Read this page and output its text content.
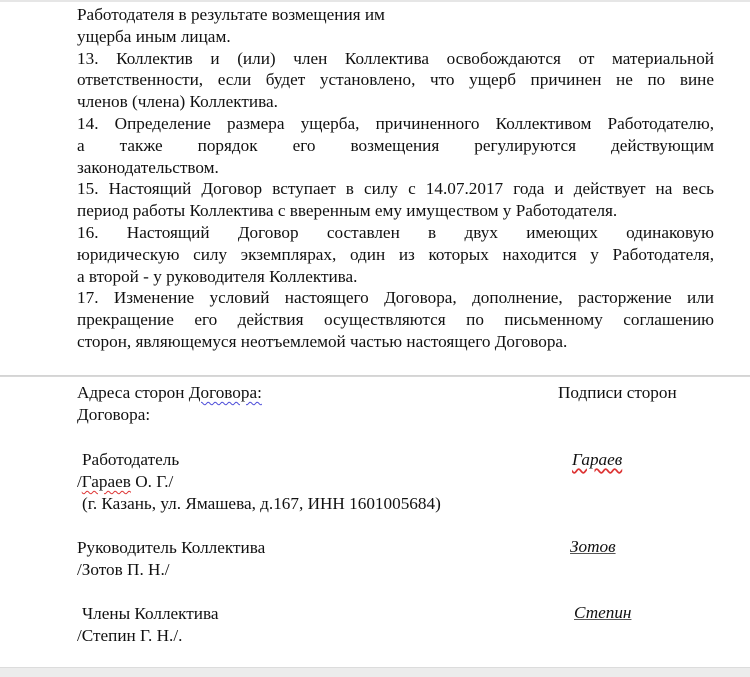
Работодателя в результате возмещения им
ущерба иным лицам.
13. Коллектив и (или) член Коллектива освобождаются от материальной
ответственности, если будет установлено, что ущерб причинен не по вине
членов (члена) Коллектива.
14. Определение размера ущерба, причиненного Коллективом Работодателю,
а также порядок его возмещения регулируются действующим
законодательством.
15. Настоящий Договор вступает в силу с 14.07.2017 года и действует на весь
период работы Коллектива с вверенным ему имуществом у Работодателя.
16. Настоящий Договор составлен в двух имеющих одинаковую
юридическую силу экземплярах, один из которых находится у Работодателя,
а второй - у руководителя Коллектива.
17. Изменение условий настоящего Договора, дополнение, расторжение или
прекращение его действия осуществляются по письменному соглашению
сторон, являющемуся неотъемлемой частью настоящего Договора.
Адреса сторон Договора:
Договора:
Подписи сторон
Работодатель
/Гараев О. Г./
(г. Казань, ул. Ямашева, д.167, ИНН 1601005684)
Гараев
Руководитель Коллектива
/Зотов П. Н./
Зотов
Члены Коллектива
/Степин Г. Н./.
Степин
